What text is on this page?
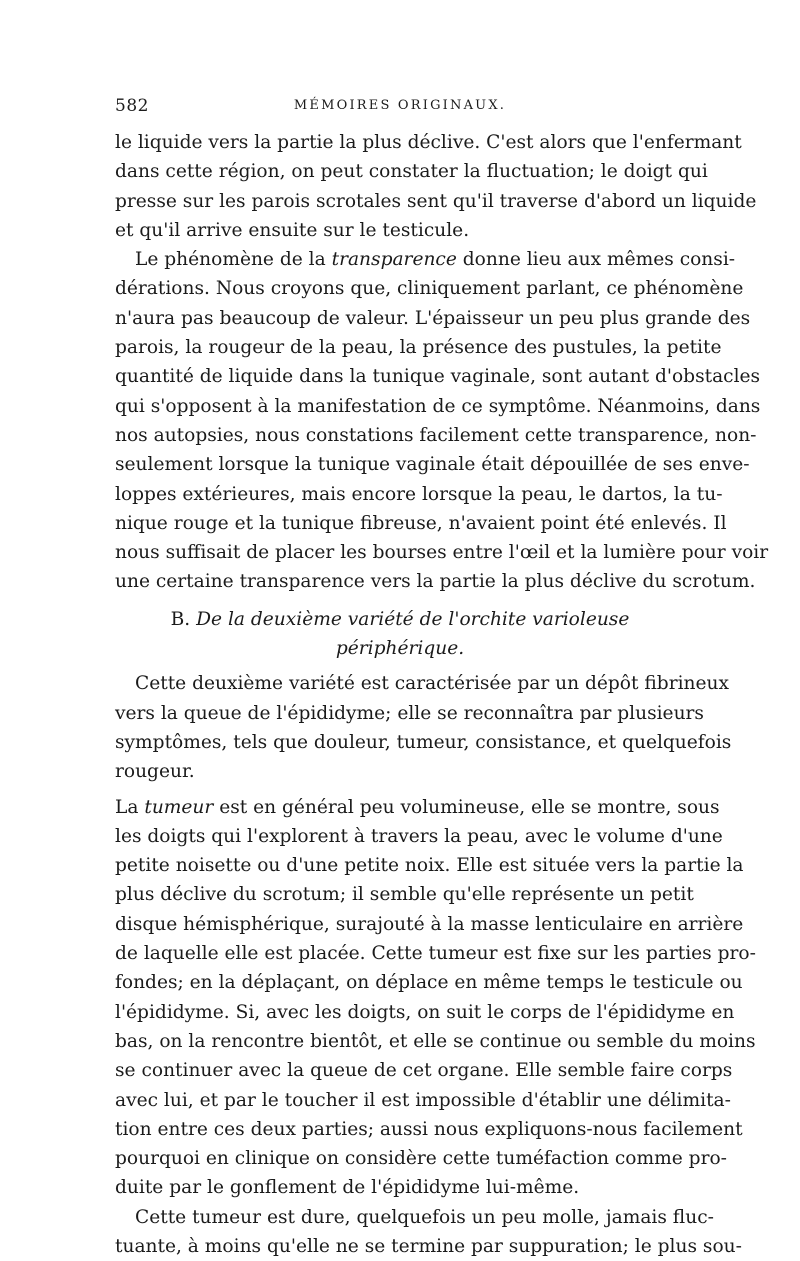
582	MÉMOIRES ORIGINAUX.
le liquide vers la partie la plus déclive. C'est alors que l'enfermant
dans cette région, on peut constater la fluctuation; le doigt qui
presse sur les parois scrotales sent qu'il traverse d'abord un liquide
et qu'il arrive ensuite sur le testicule.
Le phénomène de la transparence donne lieu aux mêmes consi-
dérations. Nous croyons que, cliniquement parlant, ce phénomène
n'aura pas beaucoup de valeur. L'épaisseur un peu plus grande des
parois, la rougeur de la peau, la présence des pustules, la petite
quantité de liquide dans la tunique vaginale, sont autant d'obstacles
qui s'opposent à la manifestation de ce symptôme. Néanmoins, dans
nos autopsies, nous constations facilement cette transparence, non-
seulement lorsque la tunique vaginale était dépouillée de ses enve-
loppes extérieures, mais encore lorsque la peau, le dartos, la tu-
nique rouge et la tunique fibreuse, n'avaient point été enlevés. Il
nous suffisait de placer les bourses entre l'œil et la lumière pour voir
une certaine transparence vers la partie la plus déclive du scrotum.
B. De la deuxième variété de l'orchite varioleuse
périphérique.
Cette deuxième variété est caractérisée par un dépôt fibrineux
vers la queue de l'épididyme; elle se reconnaîtra par plusieurs
symptômes, tels que douleur, tumeur, consistance, et quelquefois
rougeur.
La tumeur est en général peu volumineuse, elle se montre, sous
les doigts qui l'explorent à travers la peau, avec le volume d'une
petite noisette ou d'une petite noix. Elle est située vers la partie la
plus déclive du scrotum; il semble qu'elle représente un petit
disque hémisphérique, surajouté à la masse lenticulaire en arrière
de laquelle elle est placée. Cette tumeur est fixe sur les parties pro-
fondes; en la déplaçant, on déplace en même temps le testicule ou
l'épididyme. Si, avec les doigts, on suit le corps de l'épididyme en
bas, on la rencontre bientôt, et elle se continue ou semble du moins
se continuer avec la queue de cet organe. Elle semble faire corps
avec lui, et par le toucher il est impossible d'établir une délimita-
tion entre ces deux parties; aussi nous expliquons-nous facilement
pourquoi en clinique on considère cette tuméfaction comme pro-
duite par le gonflement de l'épididyme lui-même.
Cette tumeur est dure, quelquefois un peu molle, jamais fluc-
tuante, à moins qu'elle ne se termine par suppuration; le plus sou-
